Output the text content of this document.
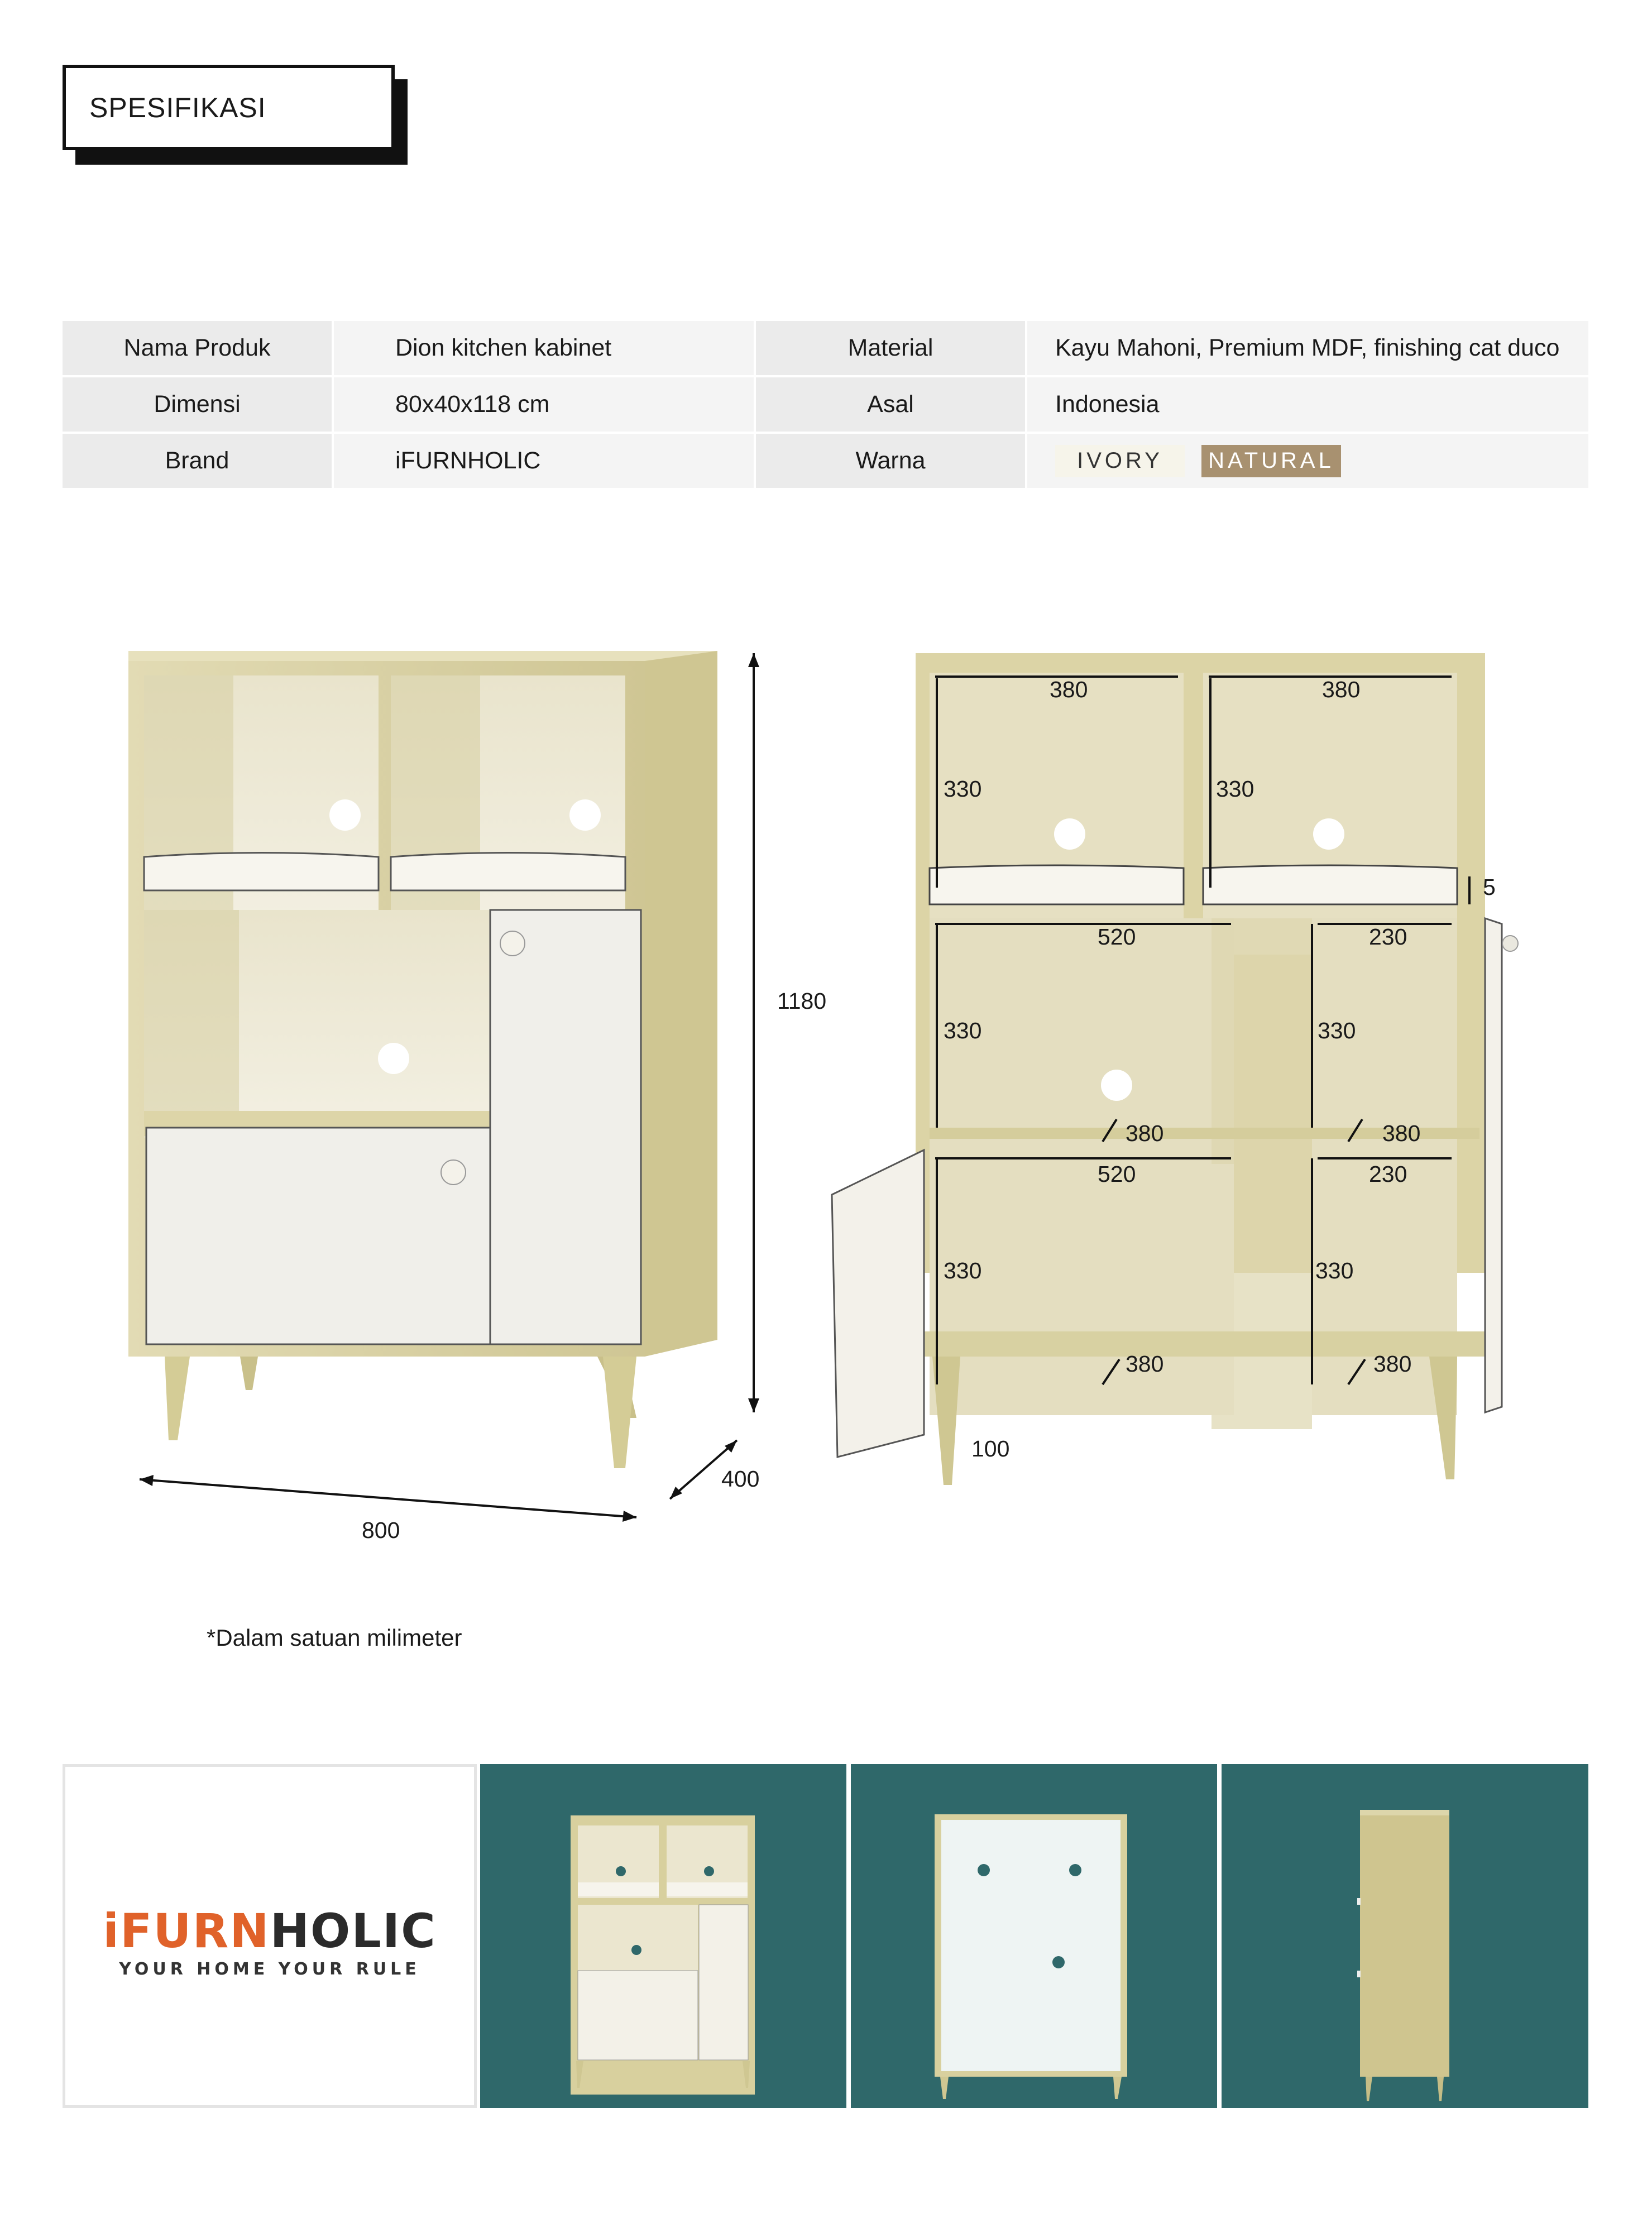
SPESIFIKASI
Nama Produk	Dion kitchen kabinet	Material	Kayu Mahoni, Premium MDF, finishing cat duco
Dimensi	80x40x118 cm	Asal	Indonesia
Brand	iFURNHOLIC	Warna	IVORY	NATURAL
1180
800
400
380	380
330	330
5
520	230
330	330
380	380
520	230
330	330
380	380
100
*Dalam satuan milimeter
iFURNHOLIC
YOUR HOME YOUR RULE
